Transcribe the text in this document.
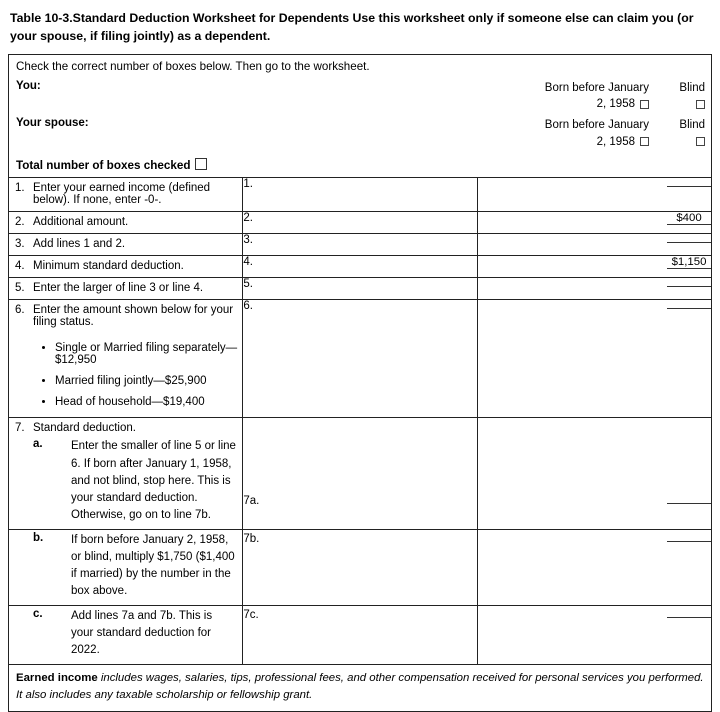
Table 10-3.Standard Deduction Worksheet for Dependents Use this worksheet only if someone else can claim you (or your spouse, if filing jointly) as a dependent.
Check the correct number of boxes below. Then go to the worksheet.
You:	Born before January
2, 1958
Blind
Your spouse:	Born before January
2, 1958
Blind
Total number of boxes checked

1. Enter your earned income (defined below). If none, enter -0-.	1.	

2. Additional amount.	2.	$400

3. Add lines 1 and 2.	3.	

4. Minimum standard deduction.	4.	$1,150

5. Enter the larger of line 3 or line 4.	5.	

6. Enter the amount shown below for your filing status.
• Single or Married filing separately—$12,950
• Married filing jointly—$25,900
• Head of household—$19,400
	6.	

7. Standard deduction.
a. Enter the smaller of line 5 or line 6. If born after January 1, 1958, and not blind, stop here. This is your standard deduction. Otherwise, go on to line 7b.	7a.	

b. If born before January 2, 1958, or blind, multiply $1,750 ($1,400 if married) by the number in the box above.	7b.	

c. Add lines 7a and 7b. This is your standard deduction for 2022.	7c.	

Earned income includes wages, salaries, tips, professional fees, and other compensation received for personal services you performed. It also includes any taxable scholarship or fellowship grant.		
